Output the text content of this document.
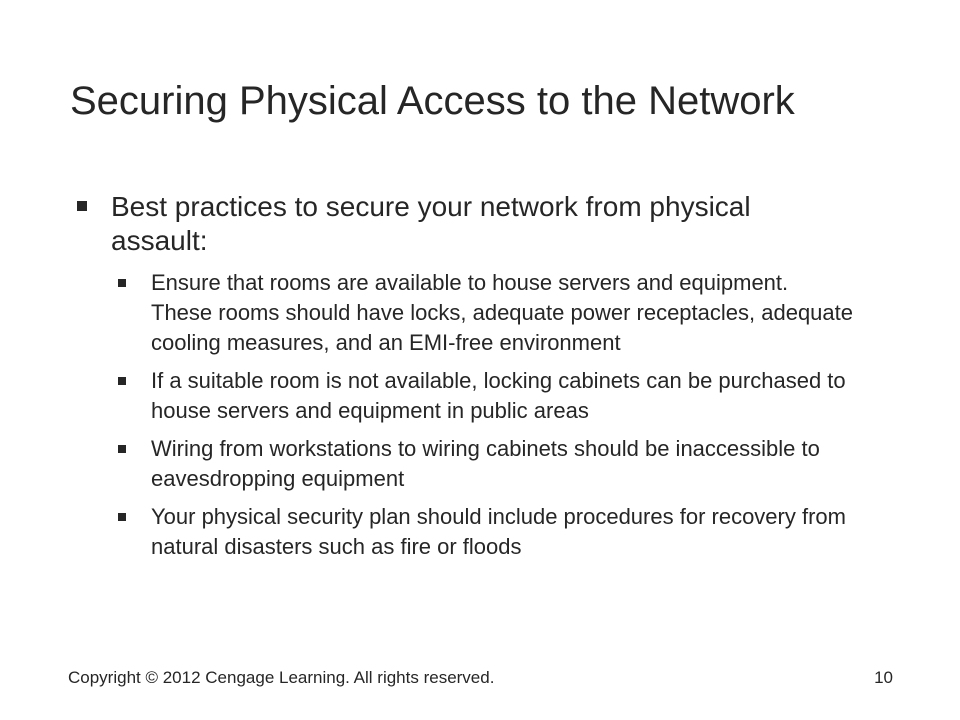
Securing Physical Access to the Network
Best practices to secure your network from physical assault:
Ensure that rooms are available to house servers and equipment. These rooms should have locks, adequate power receptacles, adequate cooling measures, and an EMI-free environment
If a suitable room is not available, locking cabinets can be purchased to house servers and equipment in public areas
Wiring from workstations to wiring cabinets should be inaccessible to eavesdropping equipment
Your physical security plan should include procedures for recovery from natural disasters such as fire or floods
Copyright © 2012 Cengage Learning. All rights reserved.	10
